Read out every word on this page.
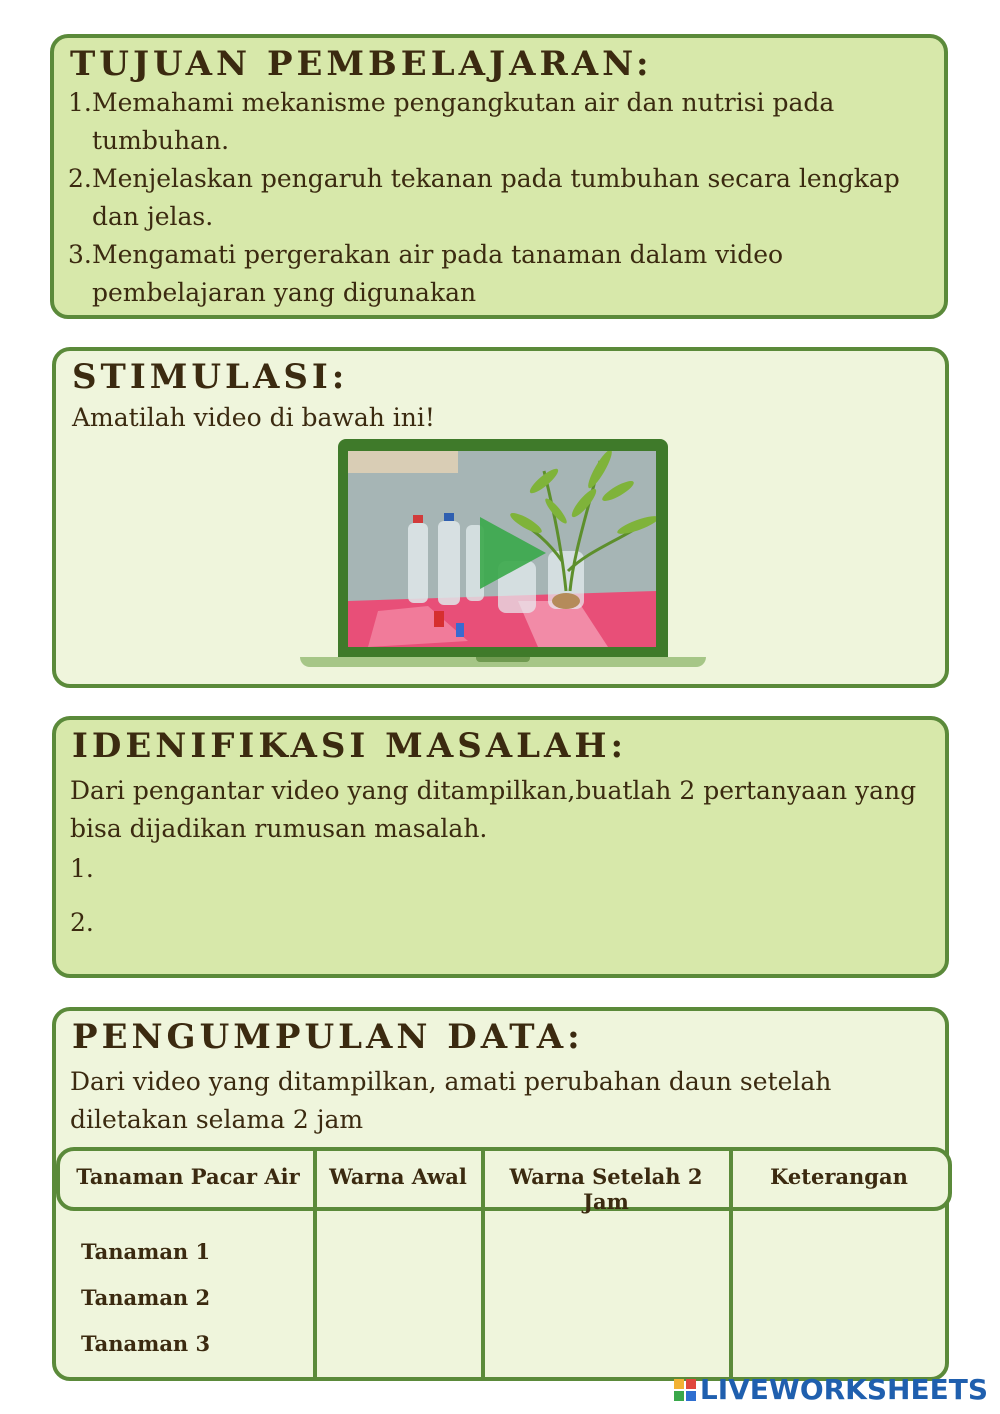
TUJUAN PEMBELAJARAN:
1. Memahami mekanisme pengangkutan air dan nutrisi pada tumbuhan.
2. Menjelaskan pengaruh tekanan pada tumbuhan secara lengkap dan jelas.
3. Mengamati pergerakan air pada tanaman dalam video pembelajaran yang digunakan
STIMULASI:
Amatilah video di bawah ini!
IDENIFIKASI MASALAH:
Dari pengantar video yang ditampilkan,buatlah 2 pertanyaan yang bisa dijadikan rumusan masalah.
1.
2.
PENGUMPULAN DATA:
Dari video yang ditampilkan, amati perubahan daun setelah diletakan selama 2 jam
Tanaman Pacar Air	Warna Awal	Warna Setelah 2 Jam
Keterangan
Tanaman 1
Tanaman 2
Tanaman 3
LIVEWORKSHEETS
